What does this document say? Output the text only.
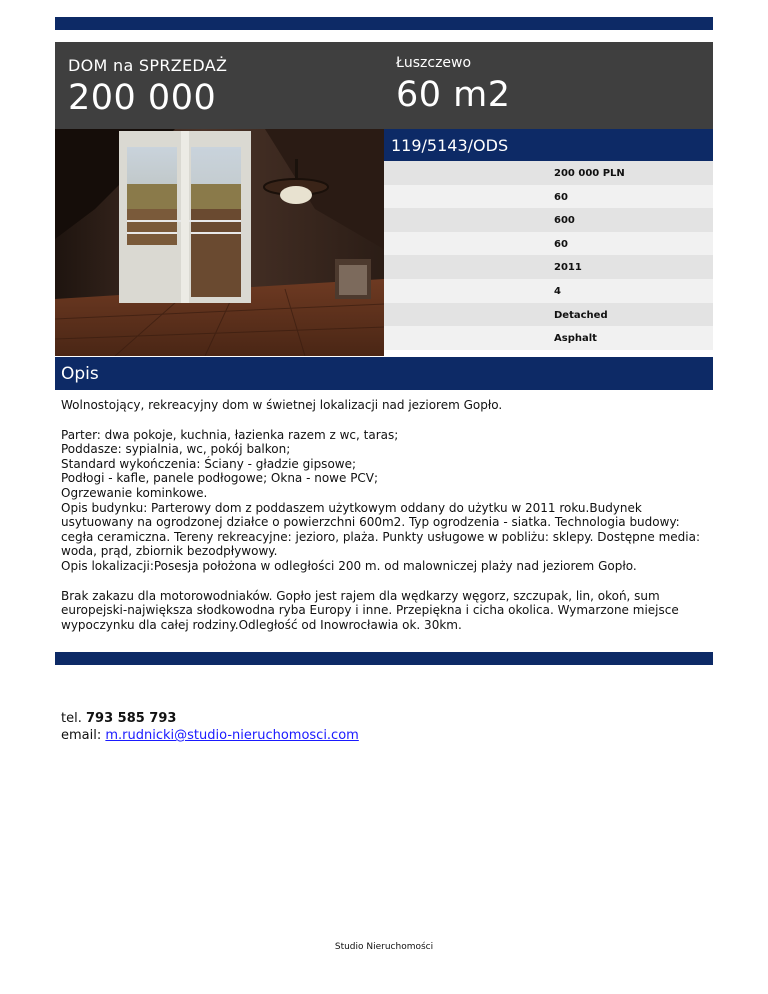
DOM na SPRZEDAŻ
200 000
Łuszczewo
60 m2
119/5143/ODS
200 000 PLN
60
600
60
2011
4
Detached
Asphalt
Opis

Wolnostojący, rekreacyjny dom w świetnej lokalizacji nad jeziorem Gopło.

Parter: dwa pokoje, kuchnia, łazienka razem z wc, taras;
Poddasze: sypialnia, wc, pokój balkon;
Standard wykończenia: Ściany - gładzie gipsowe;
Podłogi - kafle, panele podłogowe; Okna - nowe PCV;
Ogrzewanie kominkowe.
Opis budynku: Parterowy dom z poddaszem użytkowym oddany do użytku w 2011 roku.Budynek usytuowany na ogrodzonej działce o powierzchni 600m2. Typ ogrodzenia - siatka. Technologia budowy: cegła ceramiczna. Tereny rekreacyjne: jezioro, plaża. Punkty usługowe w pobliżu: sklepy. Dostępne media: woda, prąd, zbiornik bezodpływowy.
Opis lokalizacji:Posesja położona w odległości 200 m. od malowniczej plaży nad jeziorem Gopło.

Brak zakazu dla motorowodniaków. Gopło jest rajem dla wędkarzy węgorz, szczupak, lin, okoń, sum europejski-największa słodkowodna ryba Europy i inne. Przepiękna i cicha okolica. Wymarzone miejsce wypoczynku dla całej rodziny.Odległość od Inowrocławia ok. 30km.

tel. 793 585 793
email: m.rudnicki@studio-nieruchomosci.com
Studio Nieruchomości
